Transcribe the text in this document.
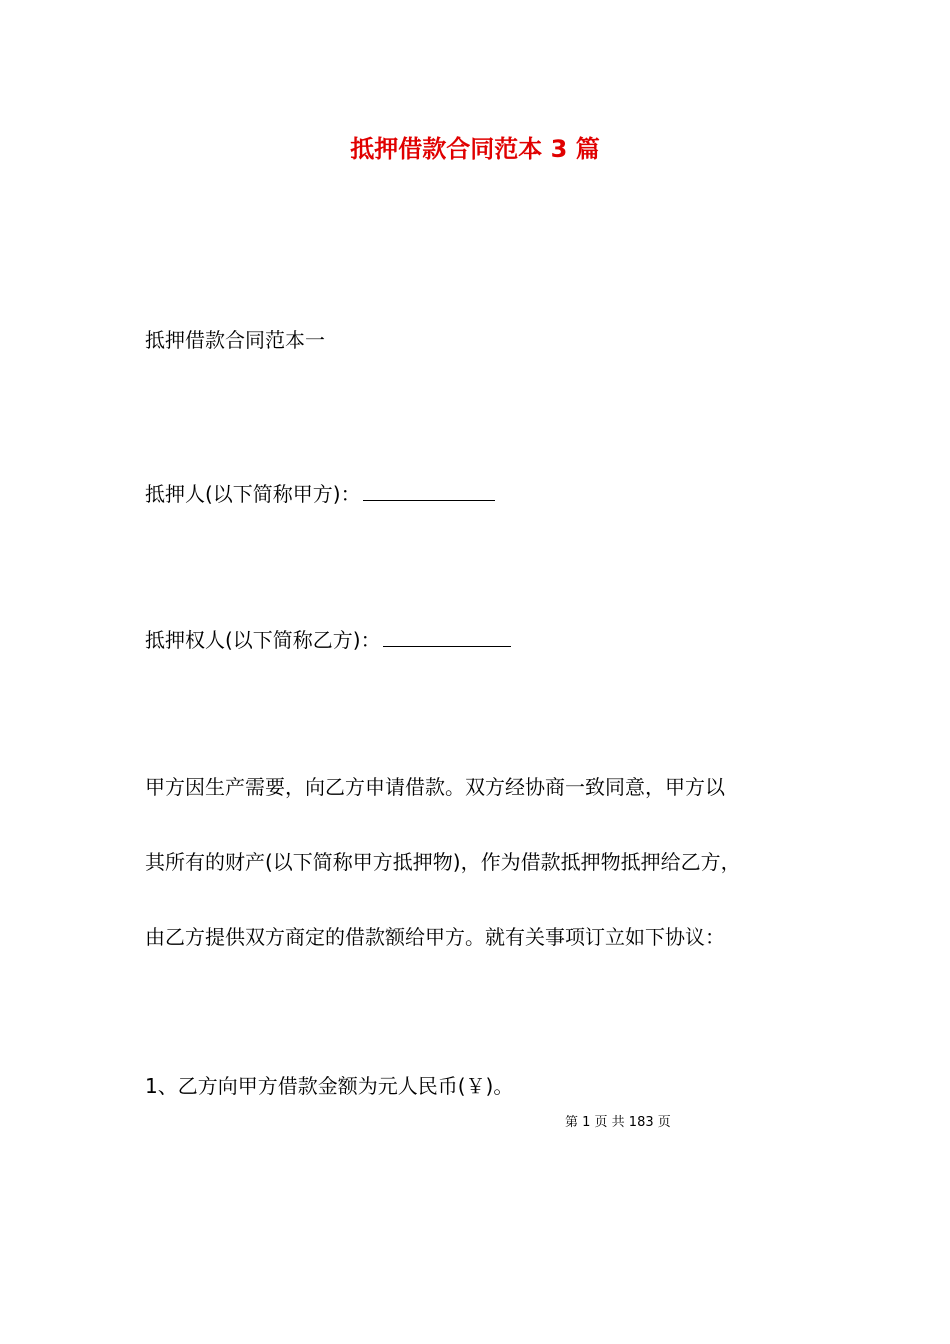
抵押借款合同范本 3 篇
抵押借款合同范本一
抵押人(以下简称甲方)：
抵押权人(以下简称乙方)：
甲方因生产需要，向乙方申请借款。双方经协商一致同意，甲方以
其所有的财产(以下简称甲方抵押物)，作为借款抵押物抵押给乙方，
由乙方提供双方商定的借款额给甲方。就有关事项订立如下协议：
1、乙方向甲方借款金额为元人民币(￥)。
第 1 页 共 183 页
